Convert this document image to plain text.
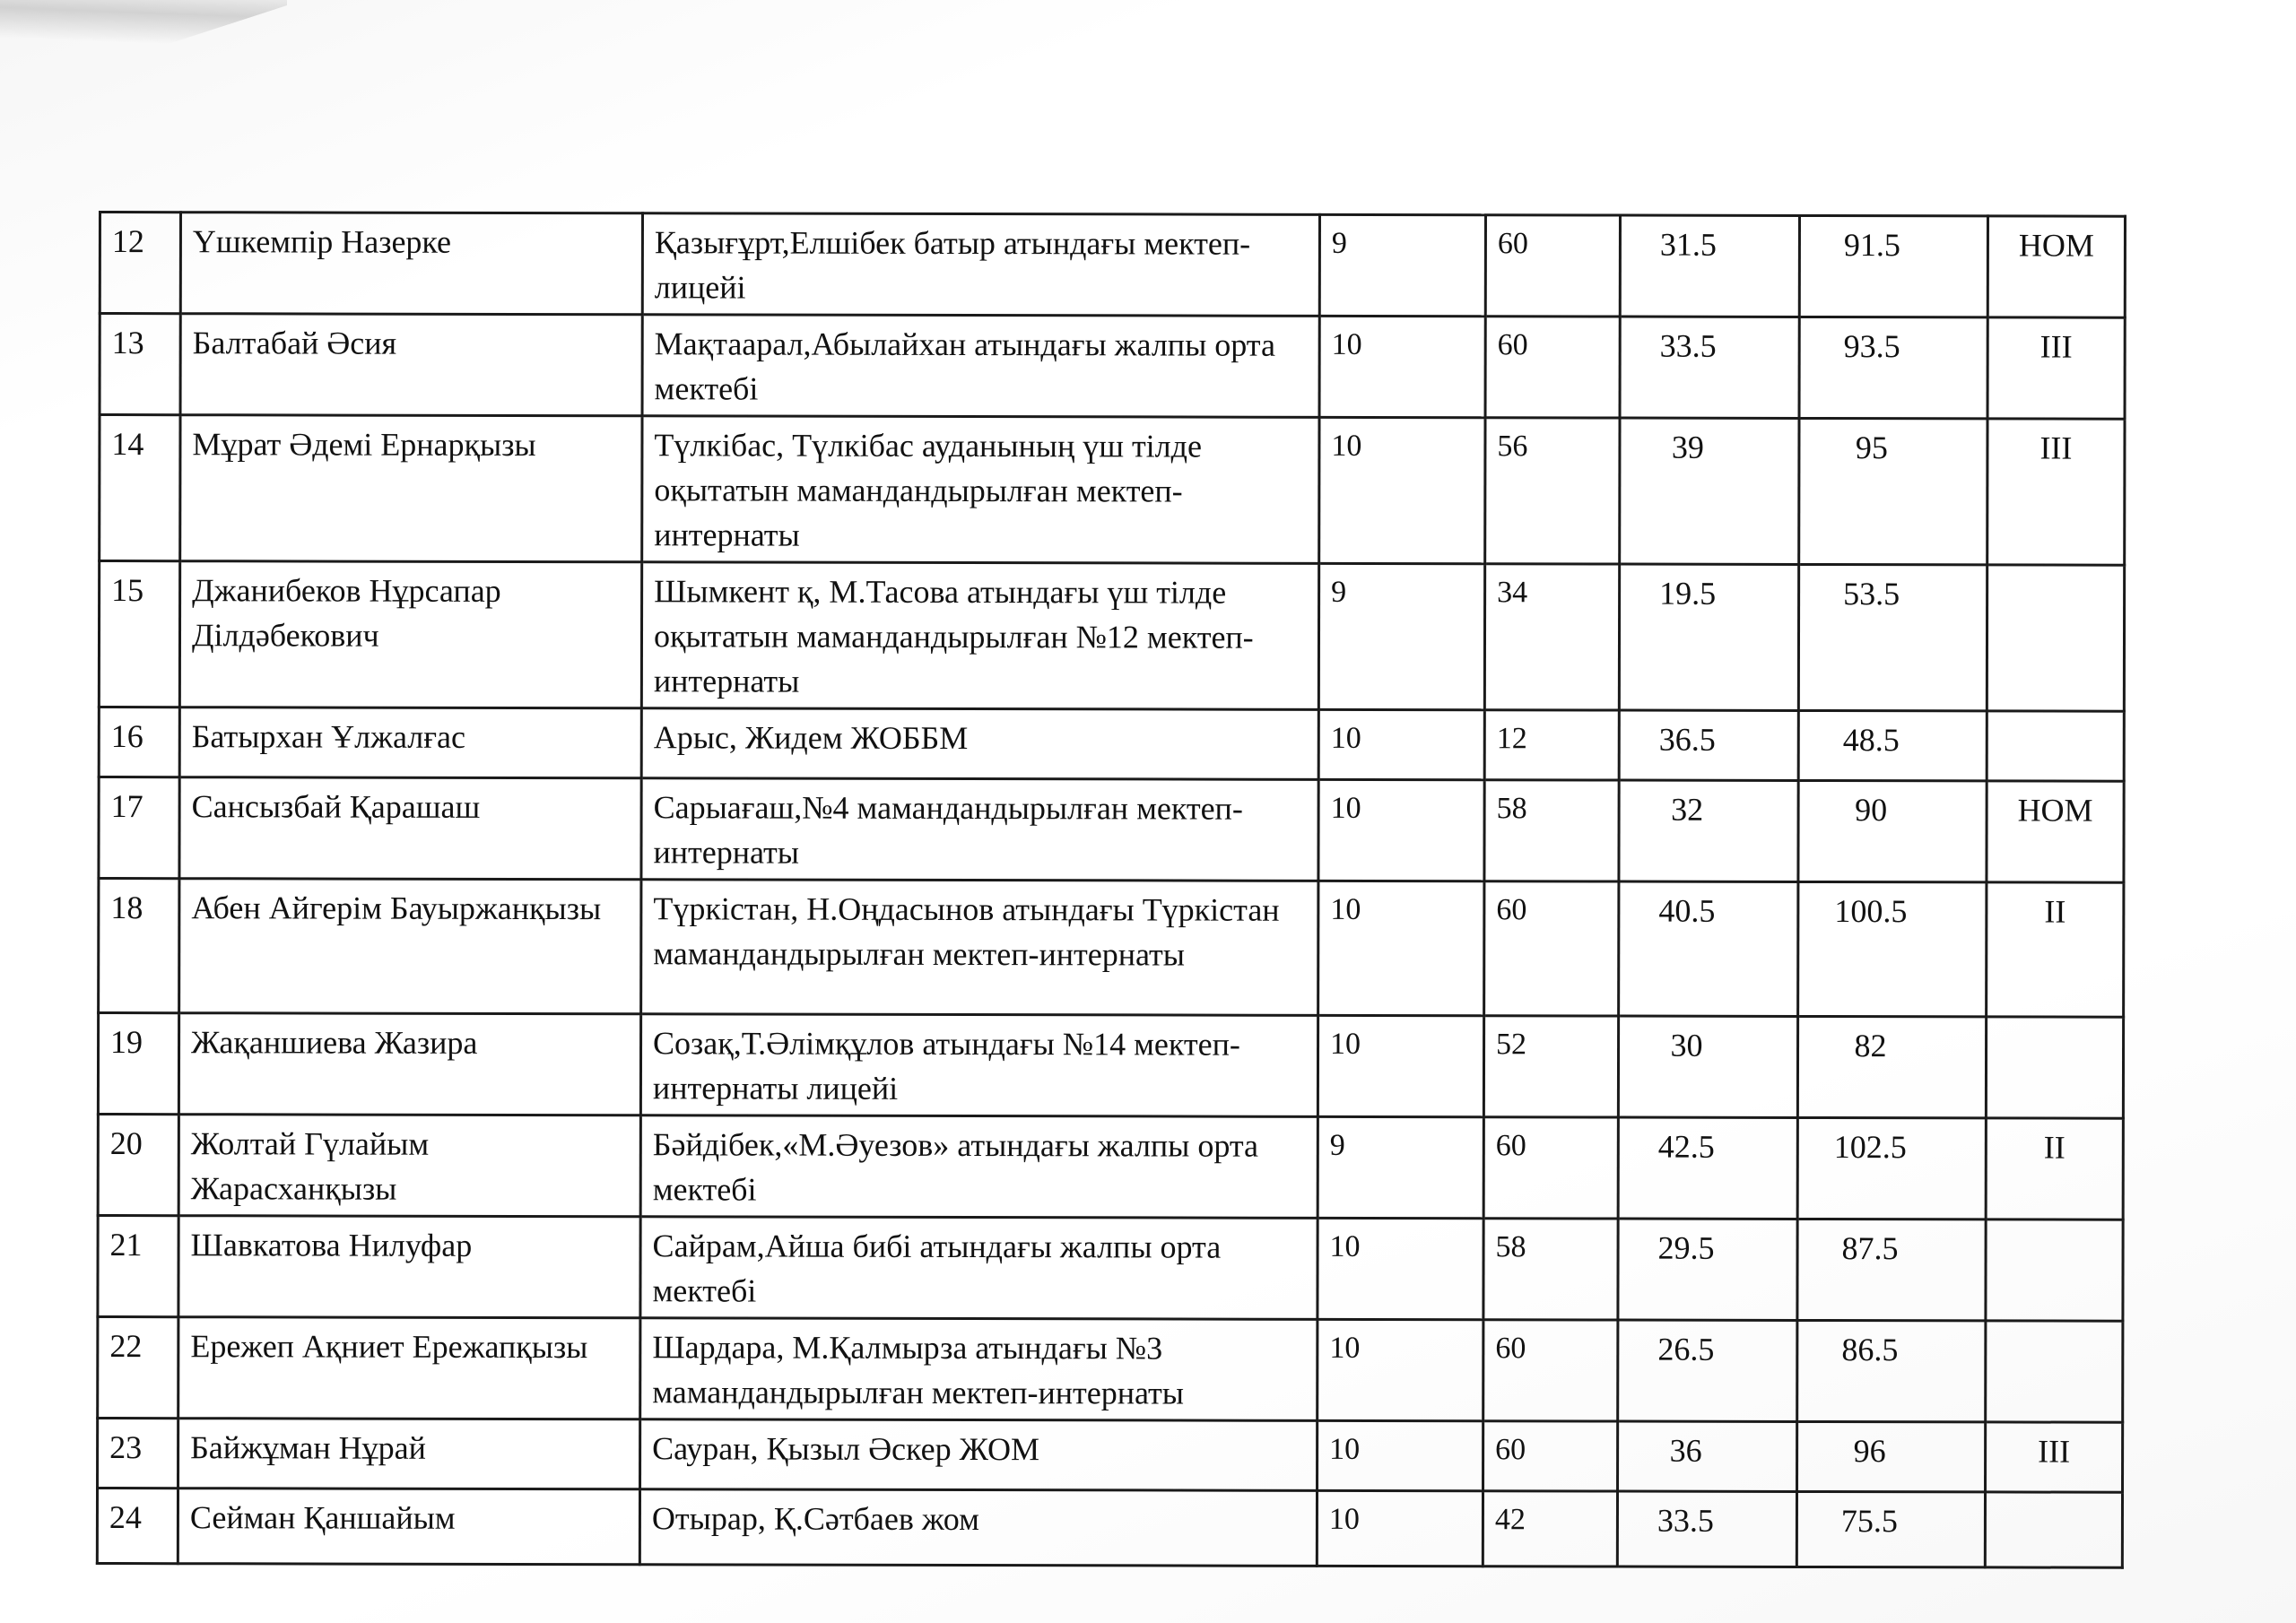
12	Үшкемпір Назерке	Қазығұрт,Елшібек батыр атындағы мектеп-лицейі	9	60	31.5	91.5	НОМ
13	Балтабай Әсия	Мақтаарал,Абылайхан атындағы жалпы орта мектебі	10	60	33.5	93.5	III
14	Мұрат Әдемі Ернарқызы	Түлкібас, Түлкібас ауданының үш тілде оқытатын мамандандырылған мектеп-интернаты	10	56	39	95	III
15	Джанибеков Нұрсапар Ділдәбекович	Шымкент қ, М.Тасова атындағы үш тілде оқытатын мамандандырылған №12 мектеп-интернаты	9	34	19.5	53.5	
16	Батырхан Ұлжалғас	Арыс, Жидем ЖОББМ	10	12	36.5	48.5	
17	Сансызбай Қарашаш	Сарыағаш,№4 мамандандырылған мектеп-интернаты	10	58	32	90	НОМ
18	Абен Айгерім Бауыржанқызы	Түркістан, Н.Оңдасынов атындағы Түркістан мамандандырылған мектеп-интернаты	10	60	40.5	100.5	II
19	Жақаншиева Жазира	Созақ,Т.Әлімқұлов атындағы №14 мектеп-интернаты лицейі	10	52	30	82	
20	Жолтай Гүлайым Жарасханқызы	Бәйдібек,«М.Әуезов» атындағы жалпы орта мектебі	9	60	42.5	102.5	II
21	Шавкатова Нилуфар	Сайрам,Айша бибі атындағы жалпы орта мектебі	10	58	29.5	87.5	
22	Ережеп Ақниет Ережапқызы	Шардара, М.Қалмырза атындағы №3 мамандандырылған мектеп-интернаты	10	60	26.5	86.5	
23	Байжұман Нұрай	Сауран, Қызыл Әскер ЖОМ	10	60	36	96	III
24	Сейман Қаншайым	Отырар, Қ.Сәтбаев жом	10	42	33.5	75.5	
